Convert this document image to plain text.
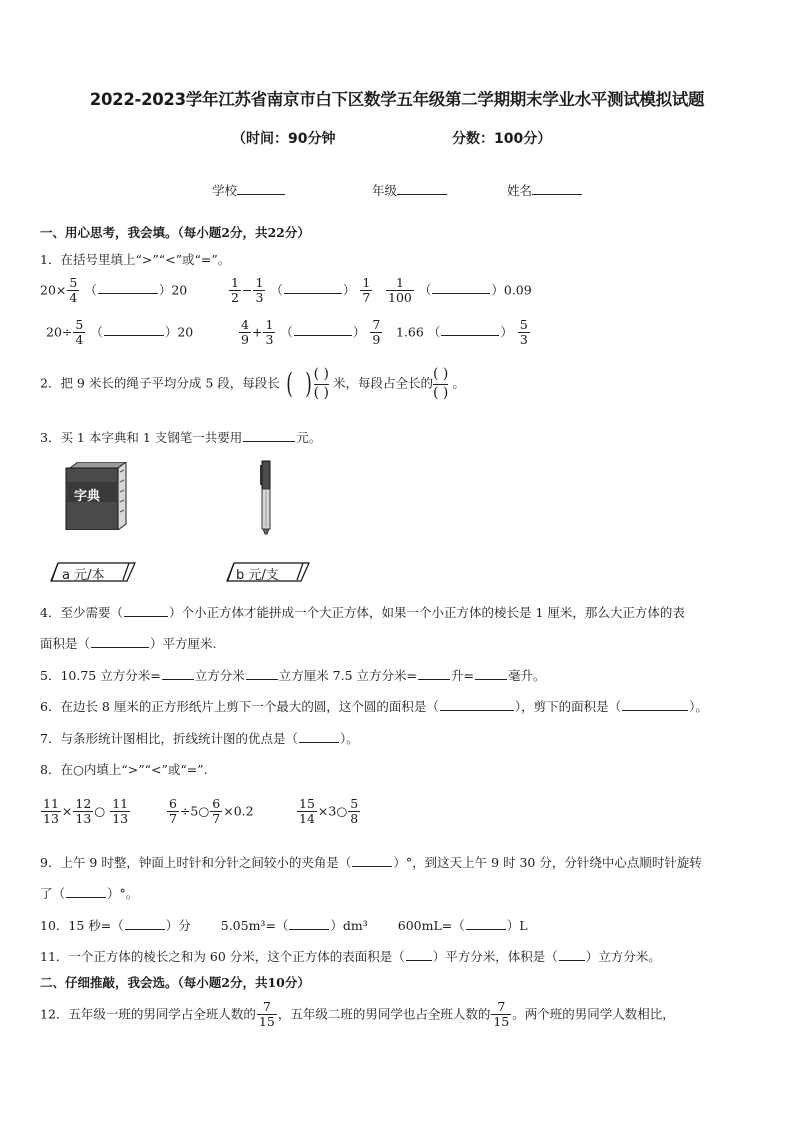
2022-2023学年江苏省南京市白下区数学五年级第二学期期末学业水平测试模拟试题
（时间：90分钟	分数：100分）
学校	年级	姓名
一、用心思考，我会填。（每小题2分，共22分）
1．在括号里填上“>”“<”或“=”。
$20\times \frac{5}{4}$ （	）20	$\frac{1}{2} - \frac{1}{3}$ （	） $\frac{1}{7} \frac{1}{100}$ （	）0.09
$20\div \frac{5}{4}$ （	）20	$\frac{4}{9} + \frac{1}{3}$ （	） $\frac{7}{9} 1.66$ （	） $\frac{5}{3}$
2．把 9 米长的绳子平均分成 5 段，每段长 ( ) ( )
( )
米，每段占全长的
( )
( )
。
3．买 1 本字典和 1 支钢笔一共要用	元。
字典
a 元/本	b 元/支
4．至少需要（	）个小正方体才能拼成一个大正方体，如果一个小正方体的棱长是 1 厘米，那么大正方体的表
面积是（	）平方厘米.
5．10.75 立方分米=	立方分米	立方厘米 7.5 立方分米=	升=	毫升。
6．在边长 8 厘米的正方形纸片上剪下一个最大的圆，这个圆的面积是（	），剪下的面积是（	）。
7．与条形统计图相比，折线统计图的优点是（	）。
8．在○内填上“>”“<”或“=”.
$\frac{11}{13} \times \frac{12}{13}$ ○ $\frac{11}{13}$	$\frac{6}{7}$ ÷5○ $\frac{6}{7} \times 0.2$	$\frac{15}{14}$ ×3○ $\frac{5}{8}$
9．上午 9 时整，钟面上时针和分针之间较小的夹角是（	）°，到这天上午 9 时 30 分，分针绕中心点顺时针旋转
了（	）°。
10．15 秒=（	）分 5.05m³=（	）dm³ 600mL=（	）L
11．一个正方体的棱长之和为 60 分米，这个正方体的表面积是（ ）平方分米，体积是（ ）立方分米。
二、仔细推敲，我会选。（每小题2分，共10分）
12．五年级一班的男同学占全班人数的 $\frac{7}{15}$ ，五年级二班的男同学也占全班人数的 $\frac{7}{15}$ 。两个班的男同学人数相比，
